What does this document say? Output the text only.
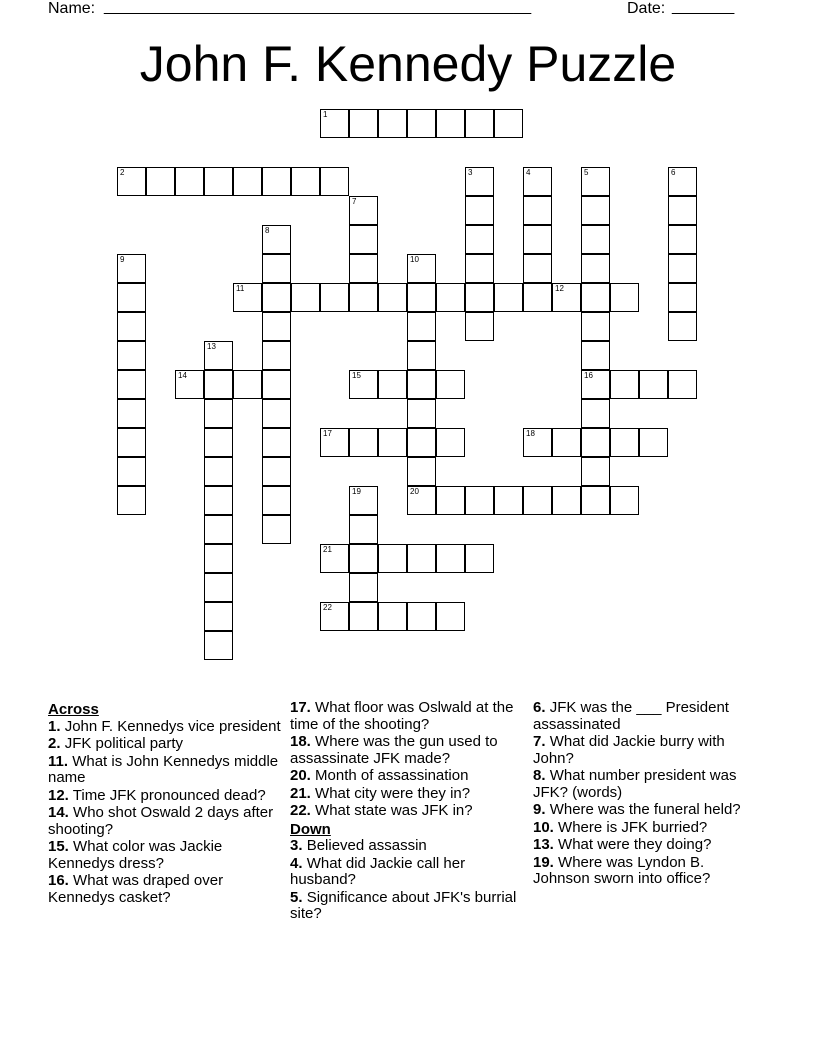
Name: ________________________________________________	Date: _______
John F. Kennedy Puzzle
1
2
11	12
14	15	16
17	18
20
21
22
3	4	5	6
7
8
9	10
13
19
Across
1. John F. Kennedys vice president
2. JFK political party
11. What is John Kennedys middle name
12. Time JFK pronounced dead?
14. Who shot Oswald 2 days after shooting?
15. What color was Jackie Kennedys dress?
16. What was draped over Kennedys casket?
17. What floor was Oslwald at the time of the shooting?
18. Where was the gun used to assassinate JFK made?
20. Month of assassination
21. What city were they in?
22. What state was JFK in?
Down
3. Believed assassin
4. What did Jackie call her husband?
5. Significance about JFK's burrial site?
6. JFK was the ___ President assassinated
7. What did Jackie burry with John?
8. What number president was JFK? (words)
9. Where was the funeral held?
10. Where is JFK burried?
13. What were they doing?
19. Where was Lyndon B. Johnson sworn into office?
